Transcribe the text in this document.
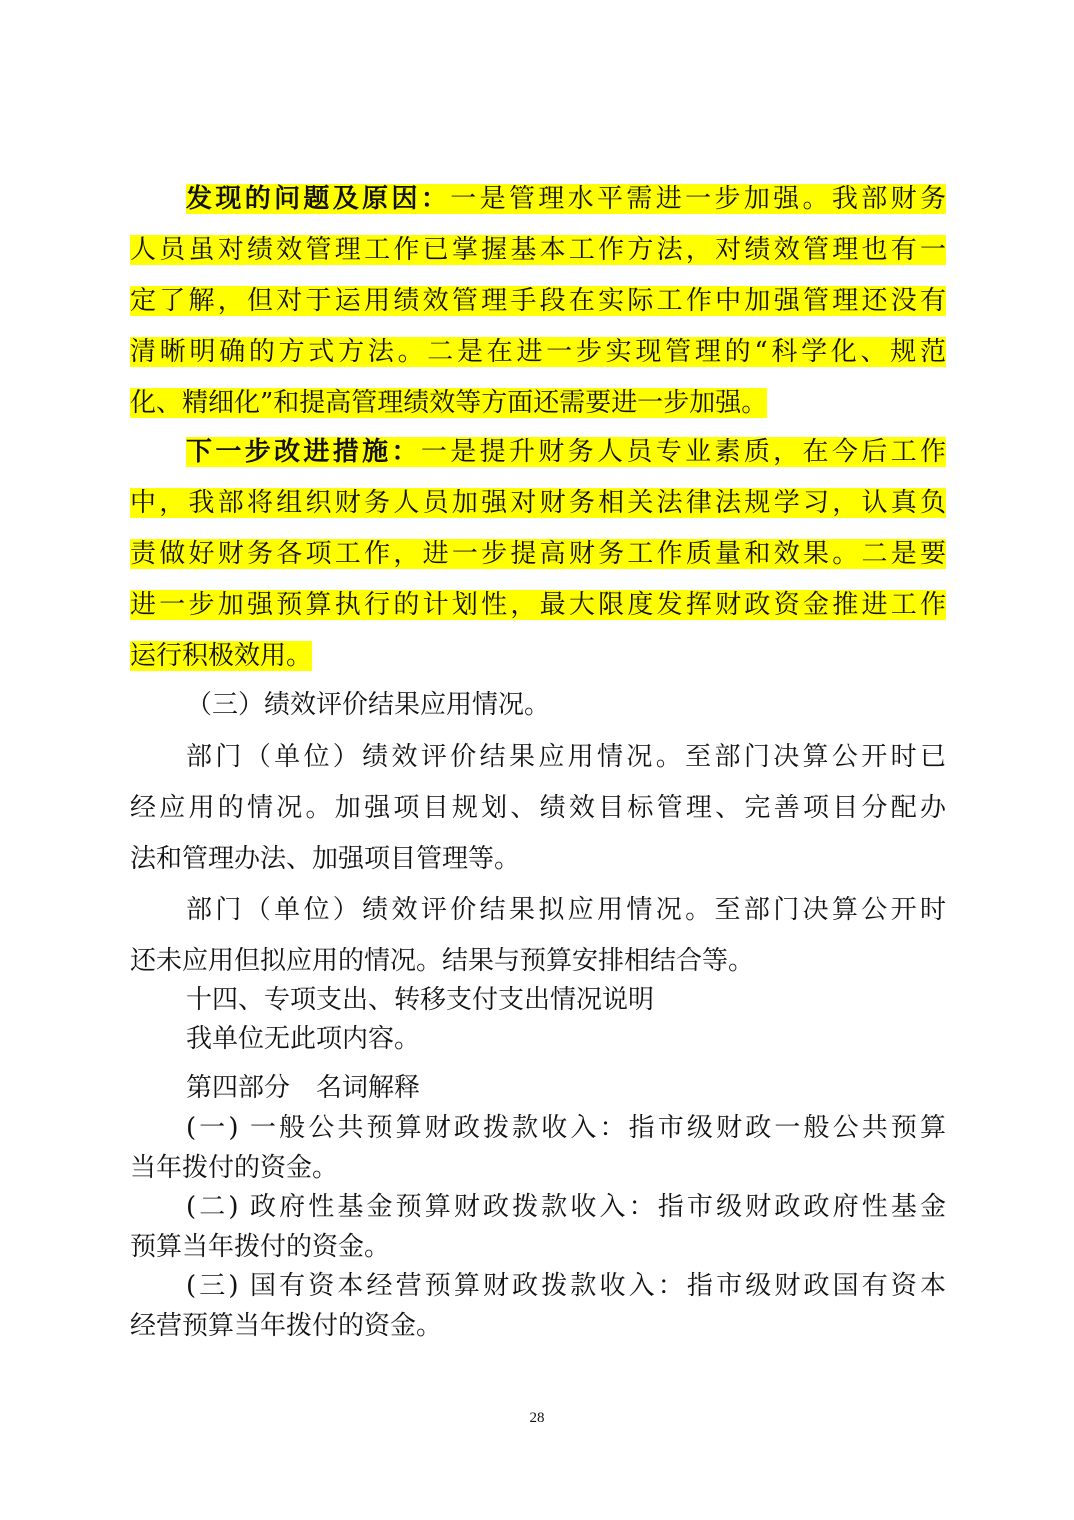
发现的问题及原因：一是管理水平需进一步加强。我部财务
人员虽对绩效管理工作已掌握基本工作方法，对绩效管理也有一
定了解，但对于运用绩效管理手段在实际工作中加强管理还没有
清晰明确的方式方法。二是在进一步实现管理的“科学化、规范
化、精细化”和提高管理绩效等方面还需要进一步加强。
下一步改进措施：一是提升财务人员专业素质，在今后工作
中，我部将组织财务人员加强对财务相关法律法规学习，认真负
责做好财务各项工作，进一步提高财务工作质量和效果。二是要
进一步加强预算执行的计划性，最大限度发挥财政资金推进工作
运行积极效用。
（三）绩效评价结果应用情况。
部门（单位）绩效评价结果应用情况。至部门决算公开时已
经应用的情况。加强项目规划、绩效目标管理、完善项目分配办
法和管理办法、加强项目管理等。
部门（单位）绩效评价结果拟应用情况。至部门决算公开时
还未应用但拟应用的情况。结果与预算安排相结合等。
十四、专项支出、转移支付支出情况说明
我单位无此项内容。
第四部分　名词解释
(一) 一般公共预算财政拨款收入：指市级财政一般公共预算
当年拨付的资金。
(二) 政府性基金预算财政拨款收入：指市级财政政府性基金
预算当年拨付的资金。
(三) 国有资本经营预算财政拨款收入：指市级财政国有资本
经营预算当年拨付的资金。
28
